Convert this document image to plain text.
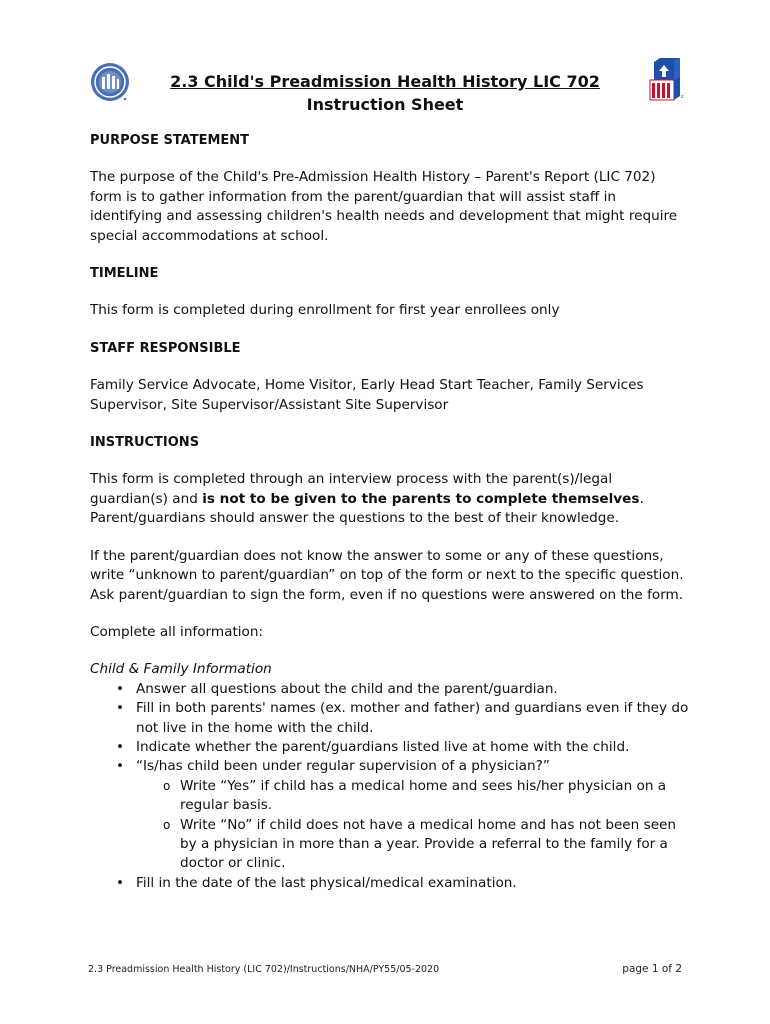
2.3 Child's Preadmission Health History LIC 702
Instruction Sheet	c
PURPOSE STATEMENT
The purpose of the Child's Pre-Admission Health History – Parent's Report (LIC 702) form is to gather information from the parent/guardian that will assist staff in identifying and assessing children's health needs and development that might require special accommodations at school.
TIMELINE
This form is completed during enrollment for first year enrollees only
STAFF RESPONSIBLE
Family Service Advocate, Home Visitor, Early Head Start Teacher, Family Services Supervisor, Site Supervisor/Assistant Site Supervisor
INSTRUCTIONS
This form is completed through an interview process with the parent(s)/legal guardian(s) and is not to be given to the parents to complete themselves. Parent/guardians should answer the questions to the best of their knowledge.
If the parent/guardian does not know the answer to some or any of these questions, write “unknown to parent/guardian” on top of the form or next to the specific question. Ask parent/guardian to sign the form, even if no questions were answered on the form.
Complete all information:
Child & Family Information
• Answer all questions about the child and the parent/guardian.
• Fill in both parents' names (ex. mother and father) and guardians even if they do not live in the home with the child.
• Indicate whether the parent/guardians listed live at home with the child.
• “Is/has child been under regular supervision of a physician?”
o Write “Yes” if child has a medical home and sees his/her physician on a regular basis.
o Write “No” if child does not have a medical home and has not been seen by a physician in more than a year. Provide a referral to the family for a doctor or clinic.
• Fill in the date of the last physical/medical examination.
2.3 Preadmission Health History (LIC 702)/Instructions/NHA/PY55/05-2020	page 1 of 2
